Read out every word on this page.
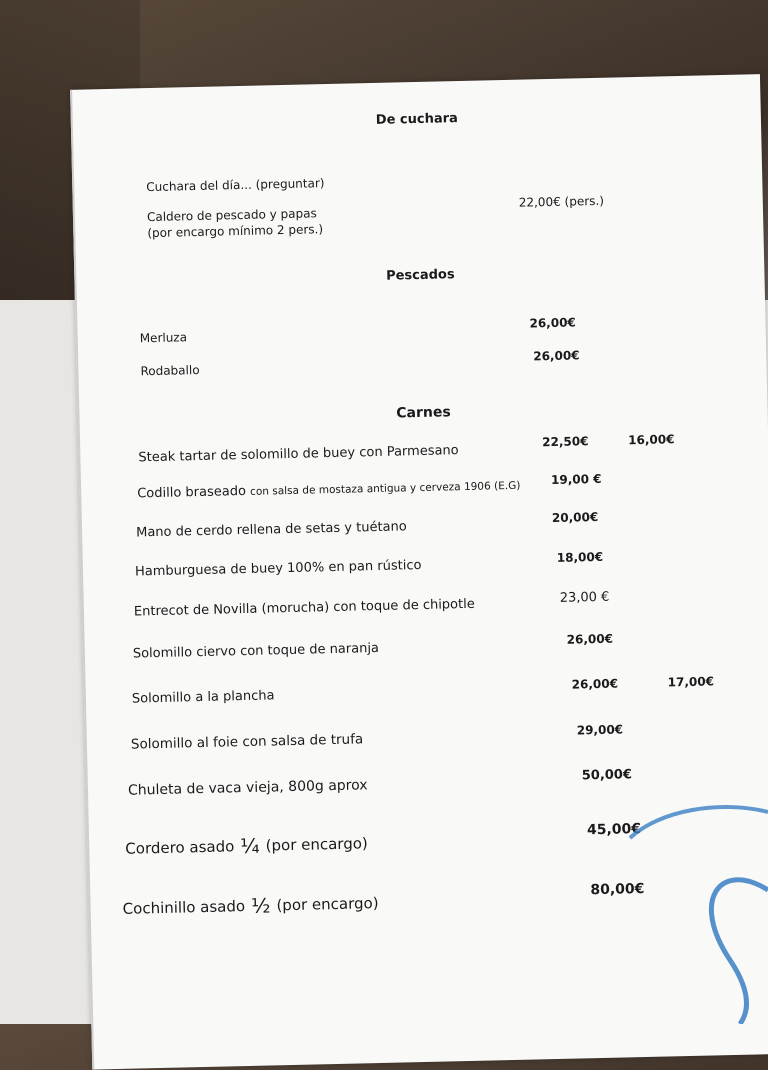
De cuchara
Cuchara del día... (preguntar)
Caldero de pescado y papas
(por encargo mínimo 2 pers.)
22,00€ (pers.)
Pescados
Merluza
26,00€
Rodaballo
26,00€
Carnes
Steak tartar de solomillo de buey con Parmesano
22,50€	16,00€
Codillo braseado con salsa de mostaza antigua y cerveza 1906 (E.G)
19,00 €
Mano de cerdo rellena de setas y tuétano
20,00€
Hamburguesa de buey 100% en pan rústico
18,00€
Entrecot de Novilla (morucha) con toque de chipotle	23,00 €
Solomillo ciervo con toque de naranja
26,00€
Solomillo a la plancha
26,00€	17,00€
Solomillo al foie con salsa de trufa
29,00€
Chuleta de vaca vieja, 800g aprox
50,00€
Cordero asado ¼ (por encargo)
45,00€
Cochinillo asado ½ (por encargo)
80,00€
